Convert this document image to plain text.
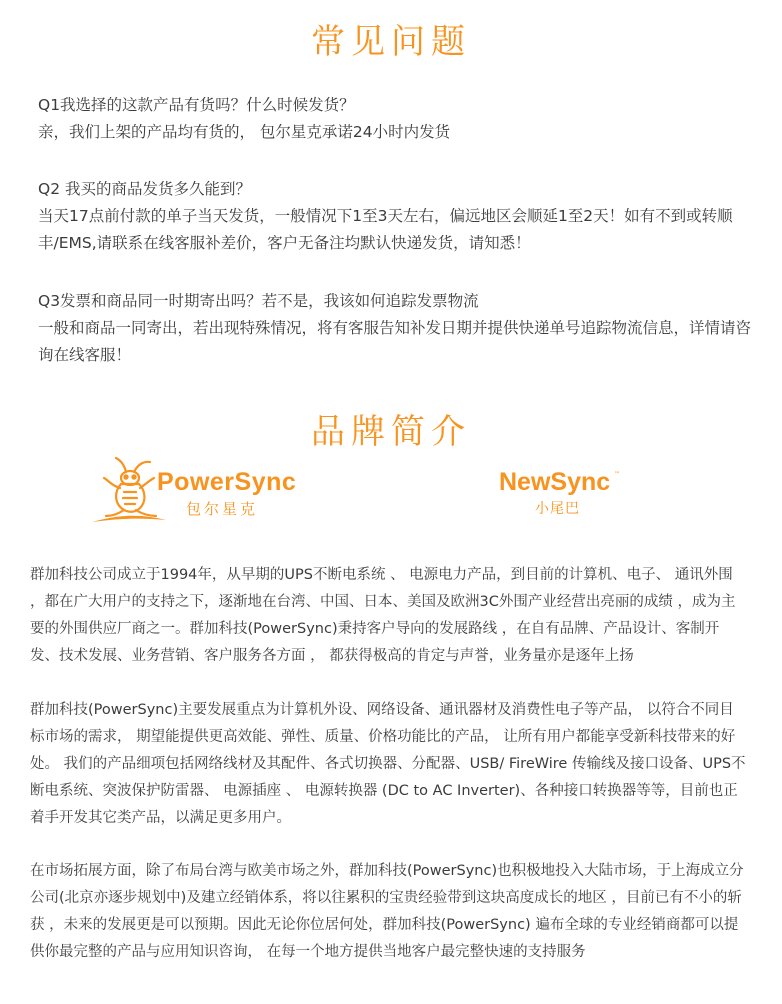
常见问题

Q1我选择的这款产品有货吗？什么时候发货？

亲，我们上架的产品均有货的， 包尔星克承诺24小时内发货

Q2 我买的商品发货多久能到？

当天17点前付款的单子当天发货，一般情况下1至3天左右，偏远地区会顺延1至2天！如有不到或转顺丰/EMS,请联系在线客服补差价，客户无备注均默认快递发货，请知悉！

Q3发票和商品同一时期寄出吗？若不是，我该如何追踪发票物流

一般和商品一同寄出，若出现特殊情况，将有客服告知补发日期并提供快递单号追踪物流信息，详情请咨询在线客服！

品牌简介
PowerSync
包尔星克
NewSync ™
小尾巴

群加科技公司成立于1994年，从早期的UPS不断电系统 、 电源电力产品，到目前的计算机、电子、 通讯外围 ，都在广大用户的支持之下，逐渐地在台湾、中国、日本、美国及欧洲3C外围产业经营出亮丽的成绩 ，成为主要的外围供应厂商之一。群加科技(PowerSync)秉持客户导向的发展路线 ，在自有品牌、产品设计、客制开发、技术发展、业务营销、客户服务各方面 ， 都获得极高的肯定与声誉，业务量亦是逐年上扬

群加科技(PowerSync)主要发展重点为计算机外设、网络设备、通讯器材及消费性电子等产品， 以符合不同目标市场的需求， 期望能提供更高效能、弹性、质量、价格功能比的产品， 让所有用户都能享受新科技带来的好处。 我们的产品细项包括网络线材及其配件、各式切换器、分配器、USB/ FireWire 传输线及接口设备、UPS不断电系统、突波保护防雷器、 电源插座 、 电源转换器 (DC to AC Inverter)、各种接口转换器等等，目前也正着手开发其它类产品，以满足更多用户。

在市场拓展方面，除了布局台湾与欧美市场之外，群加科技(PowerSync)也积极地投入大陆市场，于上海成立分公司(北京亦逐步规划中)及建立经销体系，将以往累积的宝贵经验带到这块高度成长的地区 ，目前已有不小的斩获 ，未来的发展更是可以预期。因此无论你位居何处，群加科技(PowerSync) 遍布全球的专业经销商都可以提供你最完整的产品与应用知识咨询， 在每一个地方提供当地客户最完整快速的支持服务
